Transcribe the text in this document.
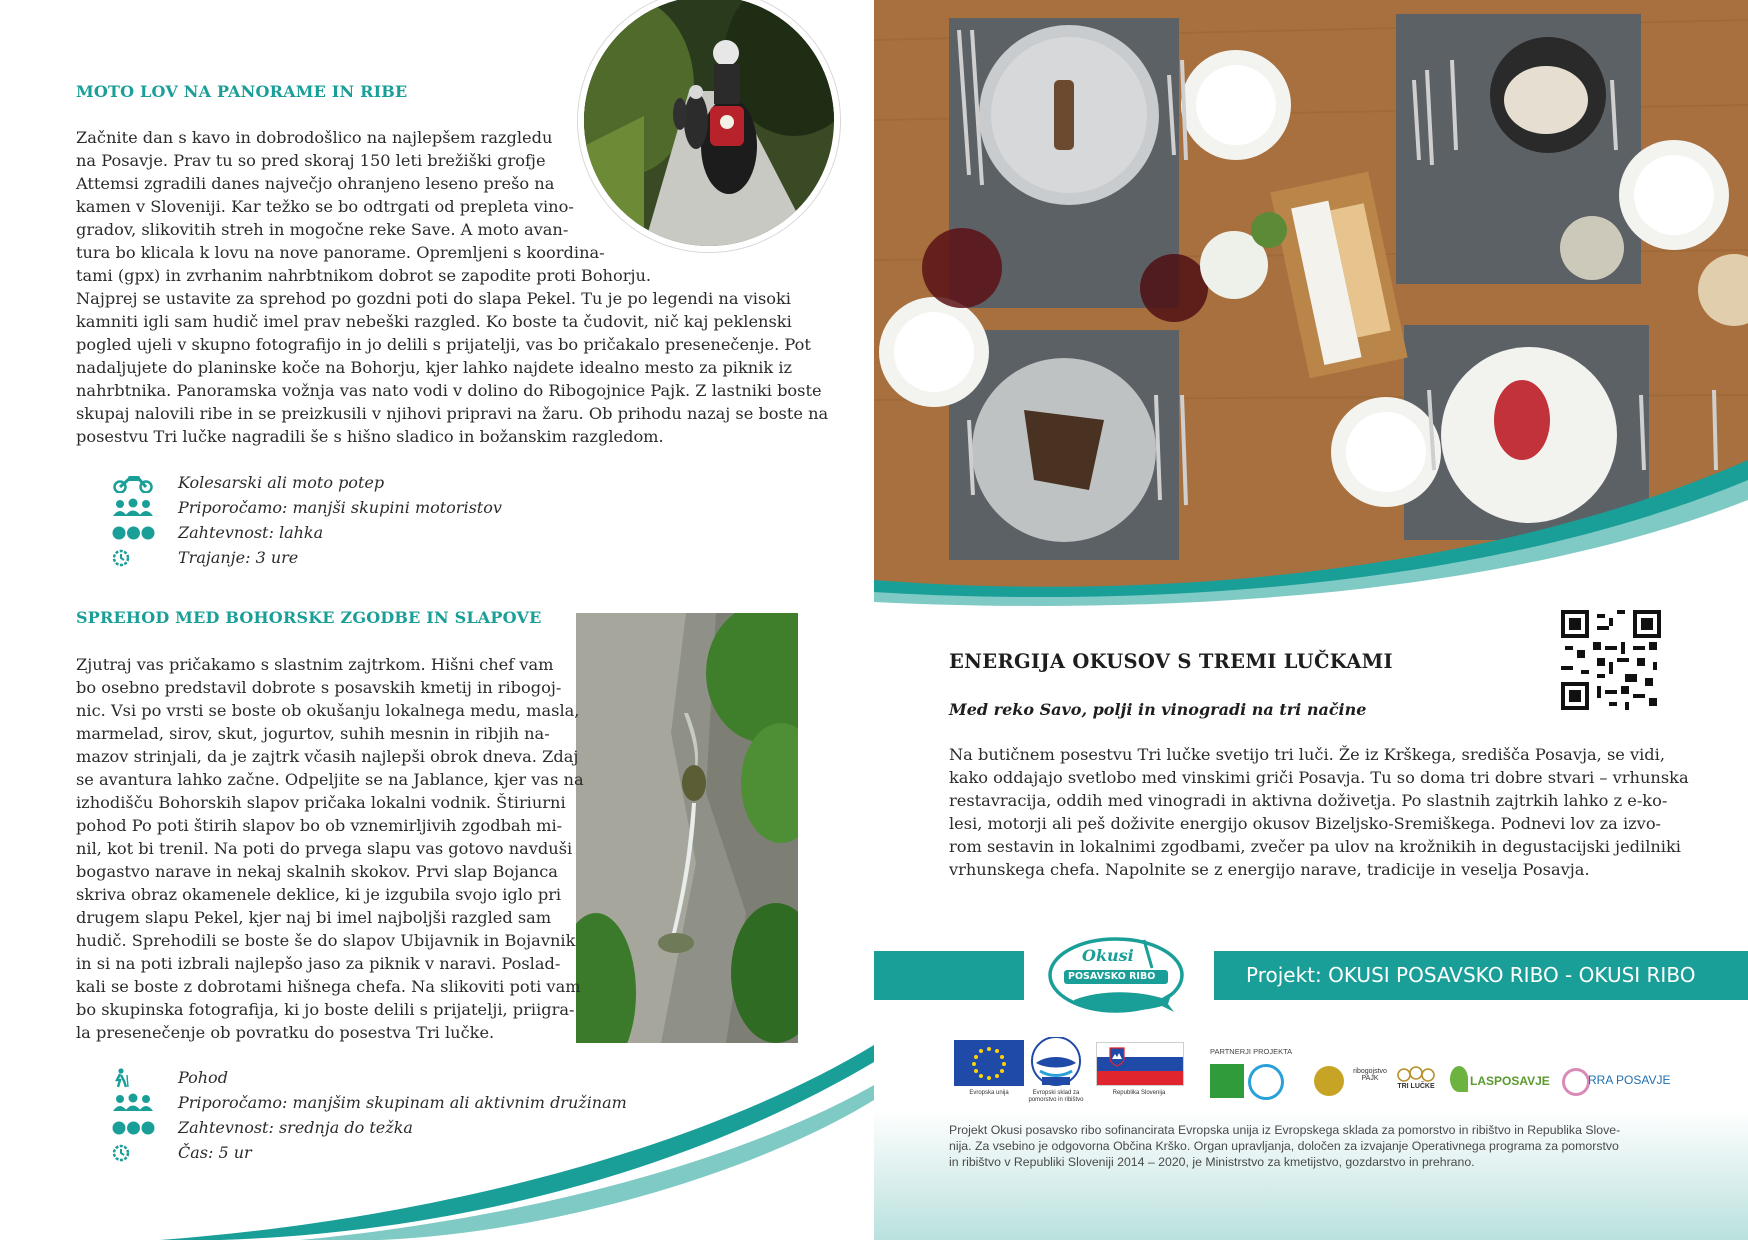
MOTO LOV NA PANORAME IN RIBE

Začnite dan s kavo in dobrodošlico na najlepšem razgledu

na Posavje. Prav tu so pred skoraj 150 leti brežiški grofje

Attemsi zgradili danes največjo ohranjeno leseno prešo na

kamen v Sloveniji. Kar težko se bo odtrgati od prepleta vino-

gradov, slikovitih streh in mogočne reke Save. A moto avan-

tura bo klicala k lovu na nove panorame. Opremljeni s koordina-

tami (gpx) in zvrhanim nahrbtnikom dobrot se zapodite proti Bohorju.

Najprej se ustavite za sprehod po gozdni poti do slapa Pekel. Tu je po legendi na visoki

kamniti igli sam hudič imel prav nebeški razgled. Ko boste ta čudovit, nič kaj peklenski

pogled ujeli v skupno fotografijo in jo delili s prijatelji, vas bo pričakalo presenečenje. Pot

nadaljujete do planinske koče na Bohorju, kjer lahko najdete idealno mesto za piknik iz

nahrbtnika. Panoramska vožnja vas nato vodi v dolino do Ribogojnice Pajk. Z lastniki boste

skupaj nalovili ribe in se preizkusili v njihovi pripravi na žaru. Ob prihodu nazaj se boste na

posestvu Tri lučke nagradili še s hišno sladico in božanskim razgledom.

Kolesarski ali moto potep
Priporočamo: manjši skupini motoristov
Zahtevnost: lahka
Trajanje: 3 ure
SPREHOD MED BOHORSKE ZGODBE IN SLAPOVE

Zjutraj vas pričakamo s slastnim zajtrkom. Hišni chef vam

bo osebno predstavil dobrote s posavskih kmetij in ribogoj-

nic. Vsi po vrsti se boste ob okušanju lokalnega medu, masla,

marmelad, sirov, skut, jogurtov, suhih mesnin in ribjih na-

mazov strinjali, da je zajtrk včasih najlepši obrok dneva. Zdaj

se avantura lahko začne. Odpeljite se na Jablance, kjer vas na

izhodišču Bohorskih slapov pričaka lokalni vodnik. Štiriurni

pohod Po poti štirih slapov bo ob vznemirljivih zgodbah mi-

nil, kot bi trenil. Na poti do prvega slapu vas gotovo navduši

bogastvo narave in nekaj skalnih skokov. Prvi slap Bojanca

skriva obraz okamenele deklice, ki je izgubila svojo iglo pri

drugem slapu Pekel, kjer naj bi imel najboljši razgled sam

hudič. Sprehodili se boste še do slapov Ubijavnik in Bojavnik

in si na poti izbrali najlepšo jaso za piknik v naravi. Poslad-

kali se boste z dobrotami hišnega chefa. Na slikoviti poti vam

bo skupinska fotografija, ki jo boste delili s prijatelji, priigra-

la presenečenje ob povratku do posestva Tri lučke.

Pohod
Priporočamo: manjšim skupinam ali aktivnim družinam
Zahtevnost: srednja do težka
Čas: 5 ur
ENERGIJA OKUSOV S TREMI LUČKAMI
Med reko Savo, polji in vinogradi na tri načine

Na butičnem posestvu Tri lučke svetijo tri luči. Že iz Krškega, središča Posavja, se vidi,

kako oddajajo svetlobo med vinskimi griči Posavja. Tu so doma tri dobre stvari – vrhunska

restavracija, oddih med vinogradi in aktivna doživetja. Po slastnih zajtrkih lahko z e-ko-

lesi, motorji ali peš doživite energijo okusov Bizeljsko-Sremiškega. Podnevi lov za izvo-

rom sestavin in lokalnimi zgodbami, zvečer pa ulov na krožnikih in degustacijski jedilniki

vrhunskega chefa. Napolnite se z energijo narave, tradicije in veselja Posavja.

Projekt: OKUSI POSAVSKO RIBO - OKUSI RIBO

Okusi
POSAVSKO RIBO

Evropska unija	Evropski sklad za pomorstvo in ribištvo

Republika Slovenija

PARTNERJI PROJEKTA

ribogojstvo PAJK

TRI LUČKE	LASPOSAVJE	RRA POSAVJE

Projekt Okusi posavsko ribo sofinancirata Evropska unija iz Evropskega sklada za pomorstvo in ribištvo in Republika Slove-

nija. Za vsebino je odgovorna Občina Krško. Organ upravljanja, določen za izvajanje Operativnega programa za pomorstvo

in ribištvo v Republiki Sloveniji 2014 – 2020, je Ministrstvo za kmetijstvo, gozdarstvo in prehrano.
